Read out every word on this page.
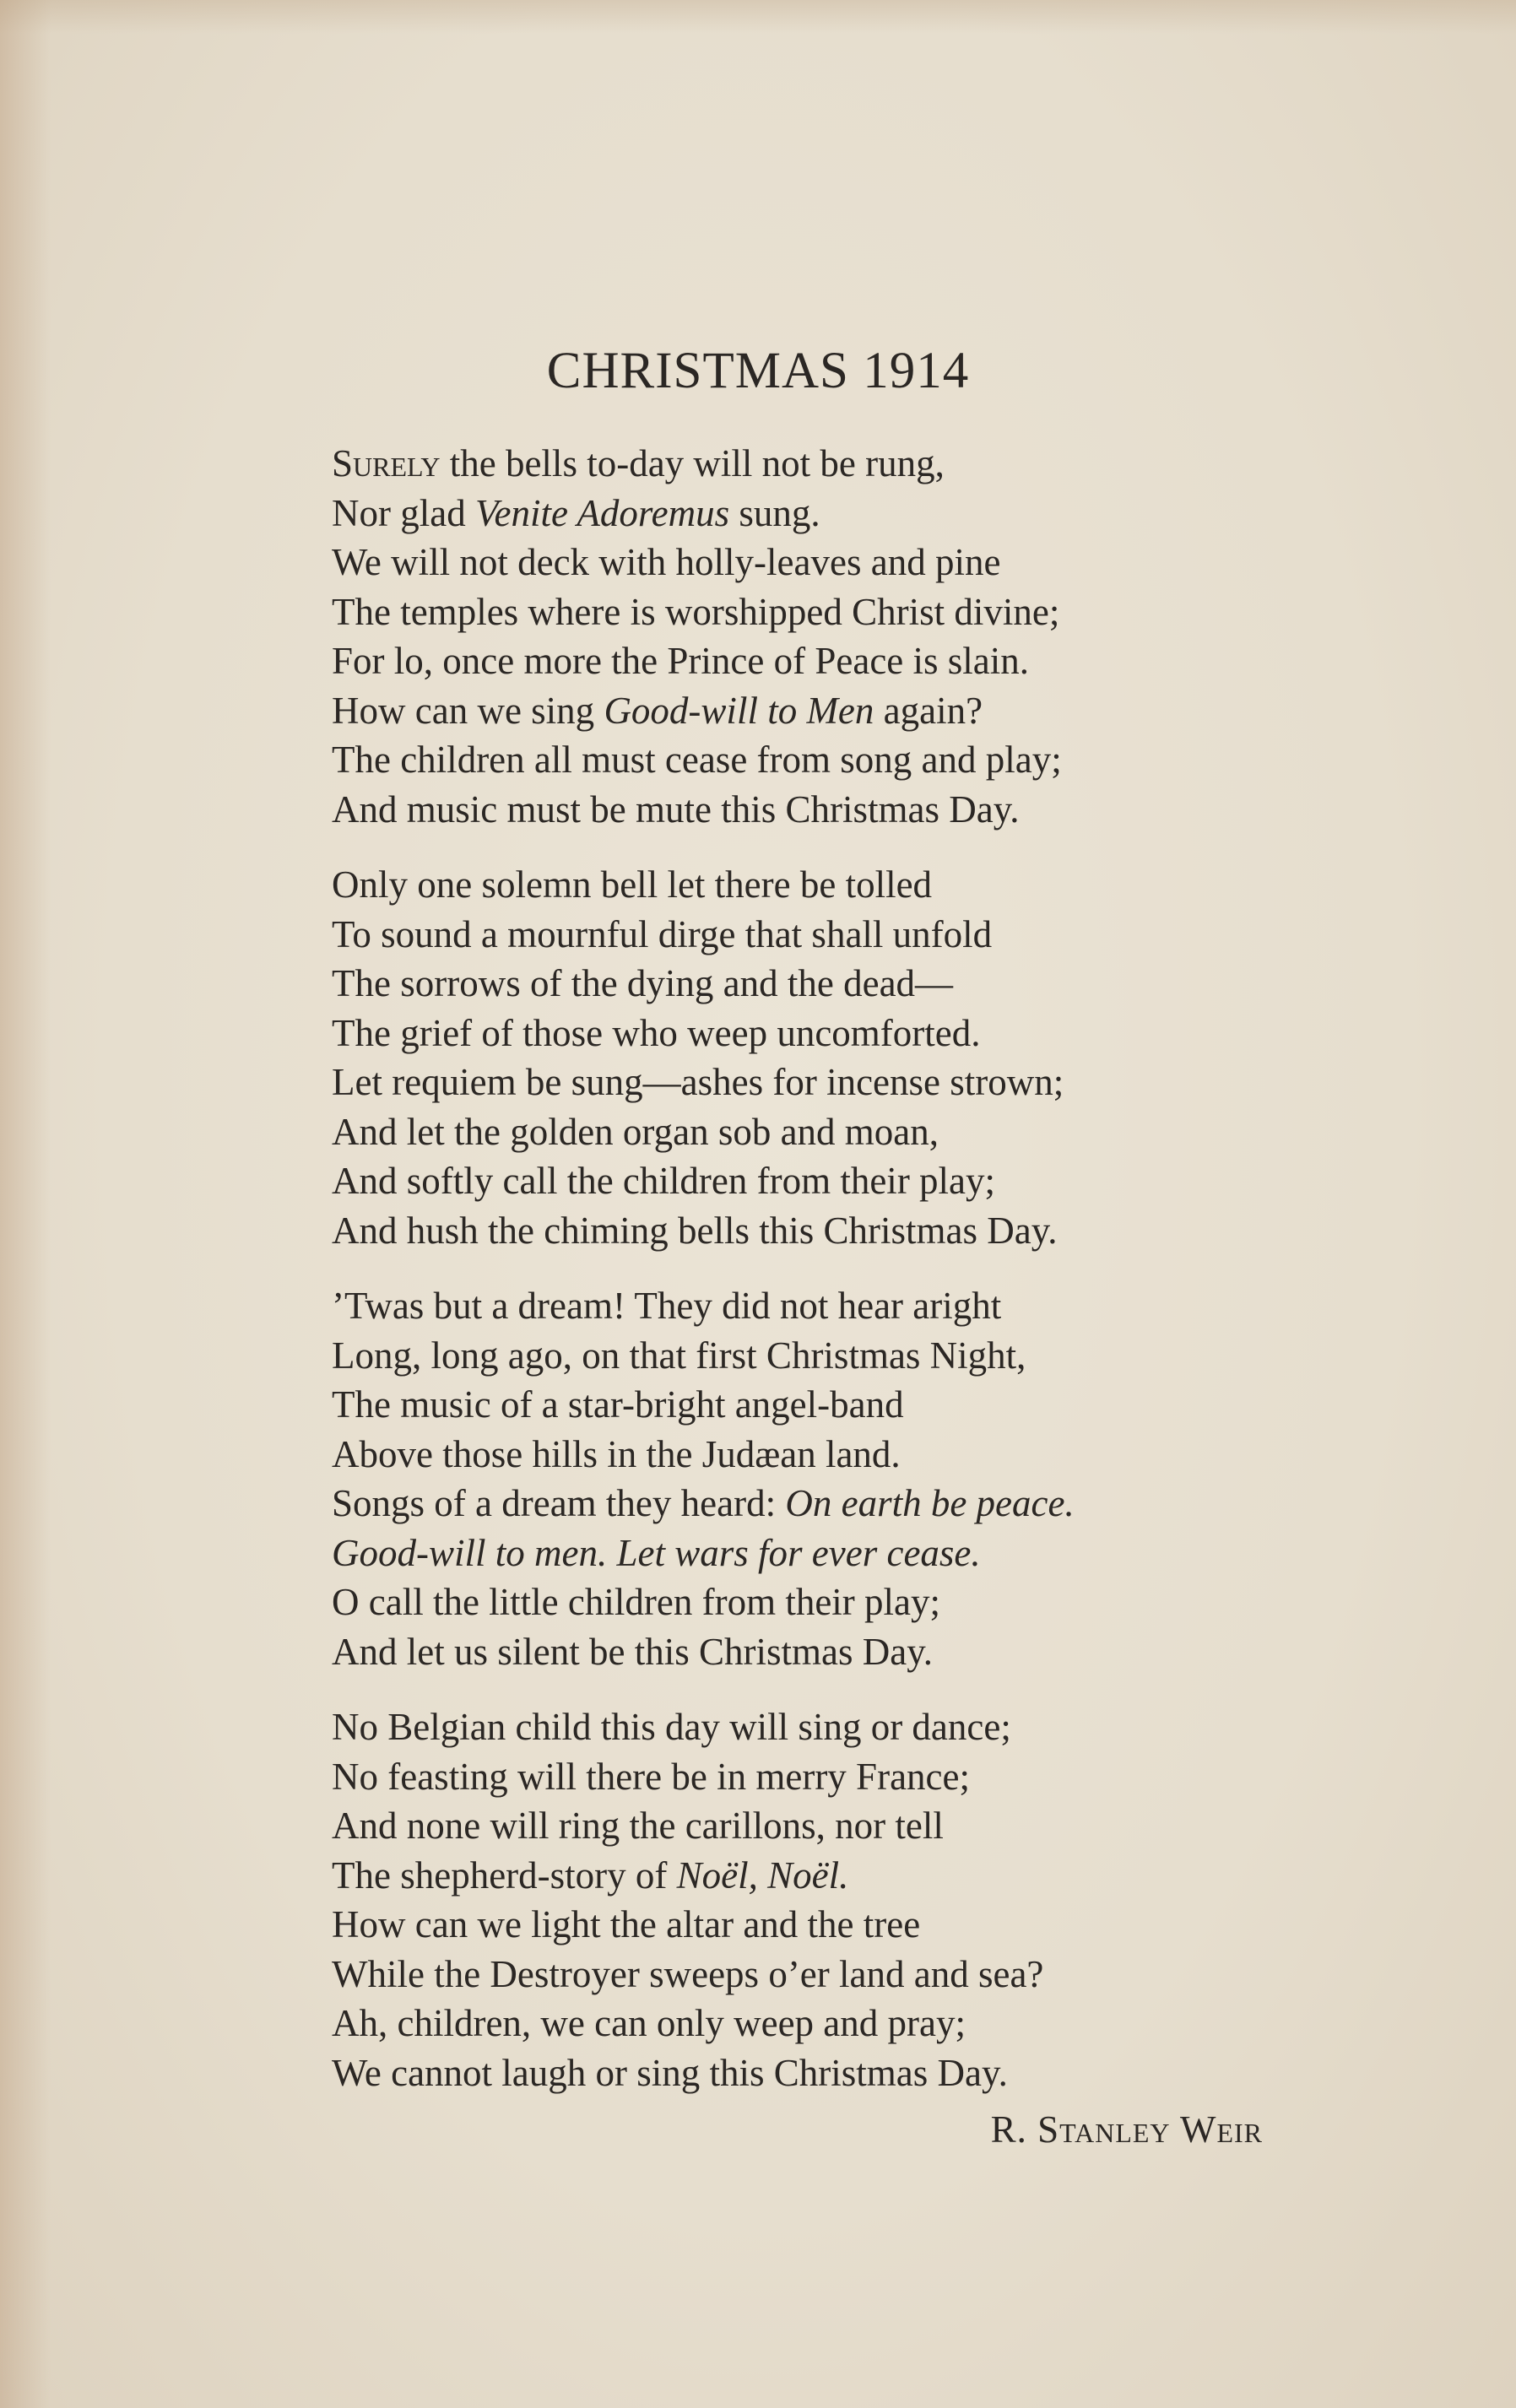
CHRISTMAS 1914
Surely the bells to-day will not be rung,
Nor glad Venite Adoremus sung.
We will not deck with holly-leaves and pine
The temples where is worshipped Christ divine;
For lo, once more the Prince of Peace is slain.
How can we sing Good-will to Men again?
The children all must cease from song and play;
And music must be mute this Christmas Day.
Only one solemn bell let there be tolled
To sound a mournful dirge that shall unfold
The sorrows of the dying and the dead—
The grief of those who weep uncomforted.
Let requiem be sung—ashes for incense strown;
And let the golden organ sob and moan,
And softly call the children from their play;
And hush the chiming bells this Christmas Day.
’Twas but a dream! They did not hear aright
Long, long ago, on that first Christmas Night,
The music of a star-bright angel-band
Above those hills in the Judæan land.
Songs of a dream they heard: On earth be peace.
Good-will to men. Let wars for ever cease.
O call the little children from their play;
And let us silent be this Christmas Day.
No Belgian child this day will sing or dance;
No feasting will there be in merry France;
And none will ring the carillons, nor tell
The shepherd-story of Noël, Noël.
How can we light the altar and the tree
While the Destroyer sweeps o’er land and sea?
Ah, children, we can only weep and pray;
We cannot laugh or sing this Christmas Day.
R. Stanley Weir
